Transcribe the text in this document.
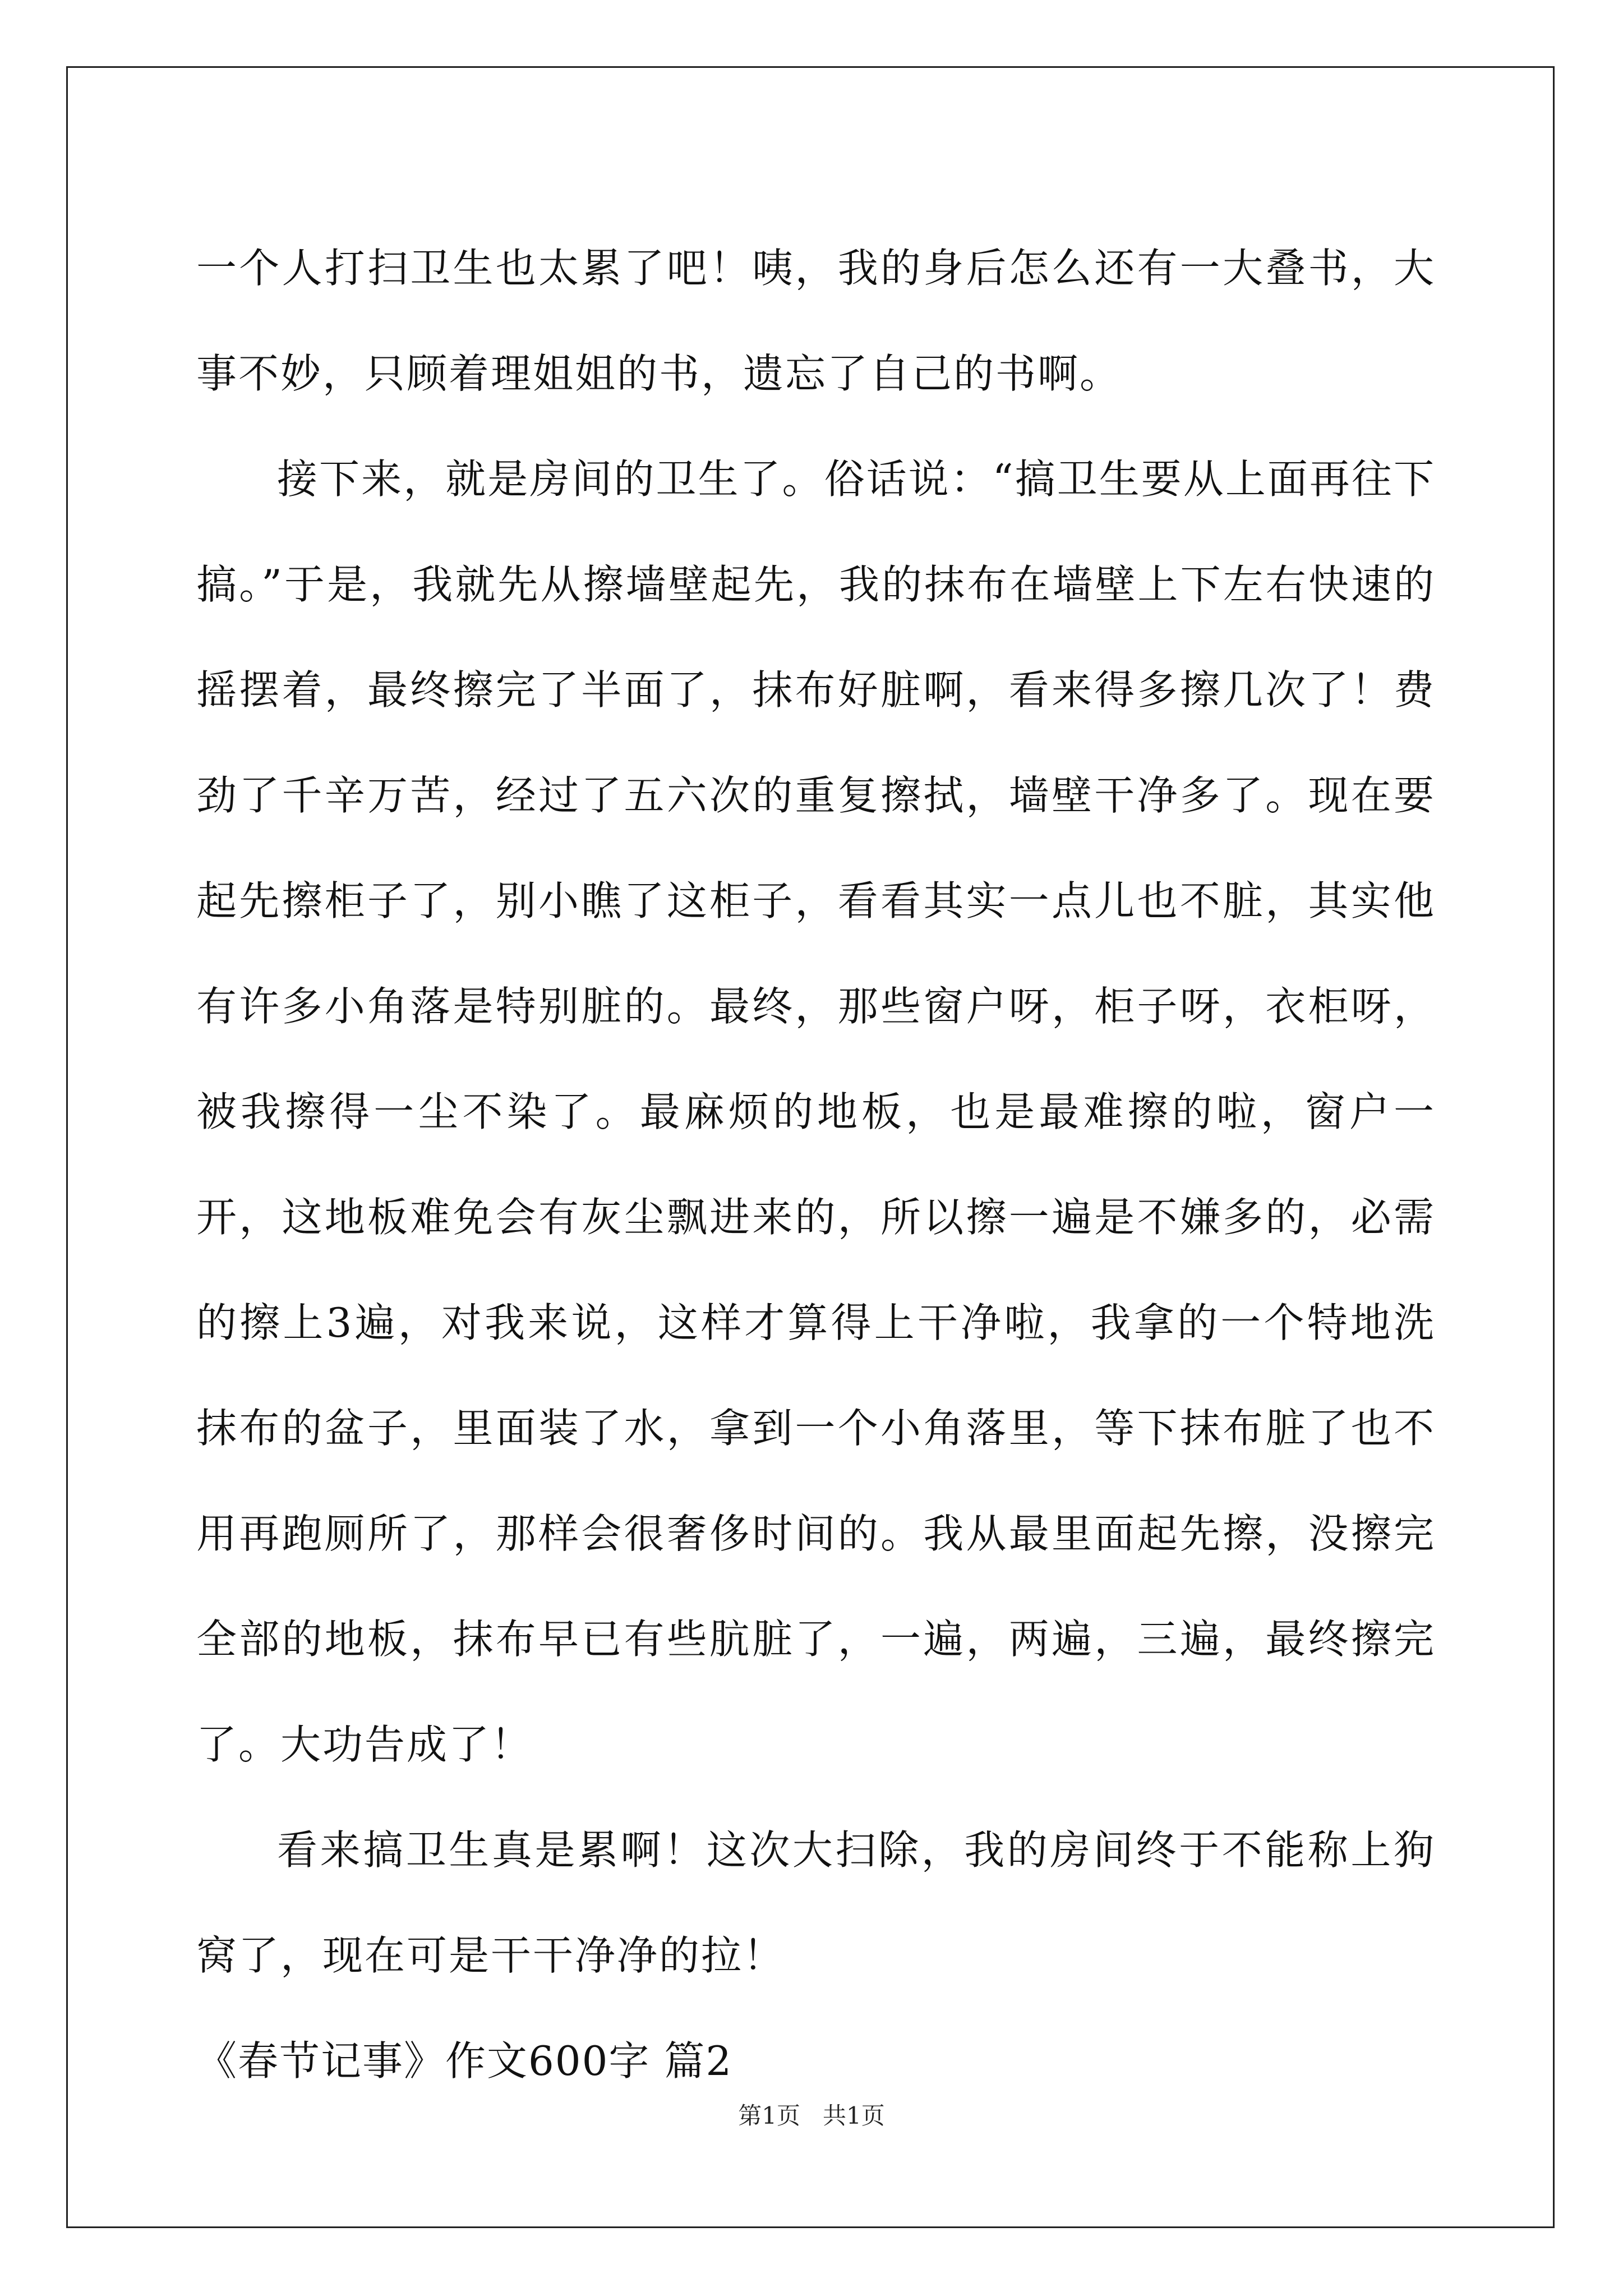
一个人打扫卫生也太累了吧！咦，我的身后怎么还有一大叠书，大事不妙，只顾着理姐姐的书，遗忘了自己的书啊。

接下来，就是房间的卫生了。俗话说：“搞卫生要从上面再往下搞。”于是，我就先从擦墙壁起先，我的抹布在墙壁上下左右快速的摇摆着，最终擦完了半面了，抹布好脏啊，看来得多擦几次了！费劲了千辛万苦，经过了五六次的重复擦拭，墙壁干净多了。现在要起先擦柜子了，别小瞧了这柜子，看看其实一点儿也不脏，其实他有许多小角落是特别脏的。最终，那些窗户呀，柜子呀，衣柜呀，被我擦得一尘不染了。最麻烦的地板，也是最难擦的啦，窗户一开，这地板难免会有灰尘飘进来的，所以擦一遍是不嫌多的，必需的擦上3遍，对我来说，这样才算得上干净啦，我拿的一个特地洗抹布的盆子，里面装了水，拿到一个小角落里，等下抹布脏了也不用再跑厕所了，那样会很奢侈时间的。我从最里面起先擦，没擦完全部的地板，抹布早已有些肮脏了，一遍，两遍，三遍，最终擦完了。大功告成了！

看来搞卫生真是累啊！这次大扫除，我的房间终于不能称上狗窝了，现在可是干干净净的拉！

《春节记事》作文600字 篇2

第1页   共1页
